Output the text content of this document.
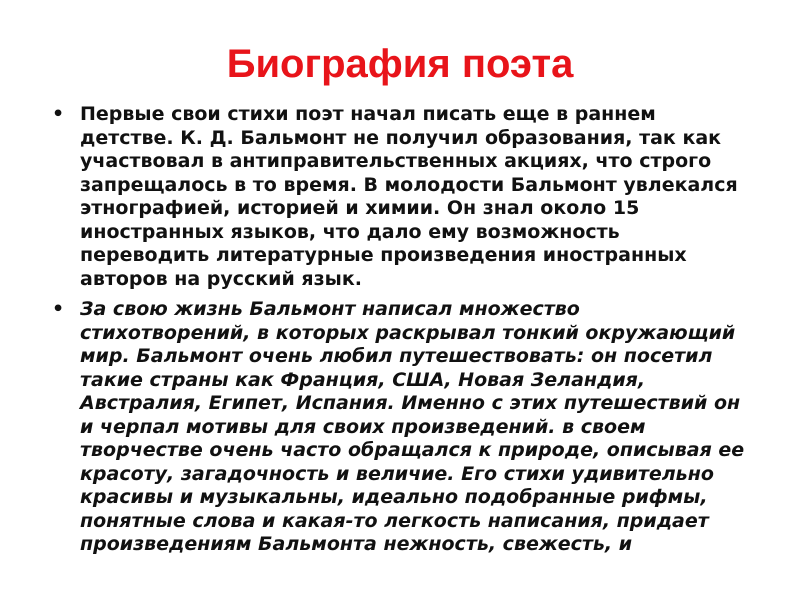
Биография поэта
• Первые свои стихи поэт начал писать еще в раннем детстве. К. Д. Бальмонт не получил образования, так как участвовал в антиправительственных акциях, что строго запрещалось в то время. В молодости Бальмонт увлекался этнографией, историей и химии. Он знал около 15 иностранных языков, что дало ему возможность переводить литературные произведения иностранных авторов на русский язык.
• За свою жизнь Бальмонт написал множество стихотворений, в которых раскрывал тонкий окружающий мир. Бальмонт очень любил путешествовать: он посетил такие страны как Франция, США, Новая Зеландия, Австралия, Египет, Испания. Именно с этих путешествий он и черпал мотивы для своих произведений. в своем творчестве очень часто обращался к природе, описывая ее красоту, загадочность и величие. Его стихи удивительно красивы и музыкальны, идеально подобранные рифмы, понятные слова и какая-то легкость написания, придает произведениям Бальмонта нежность, свежесть, и
